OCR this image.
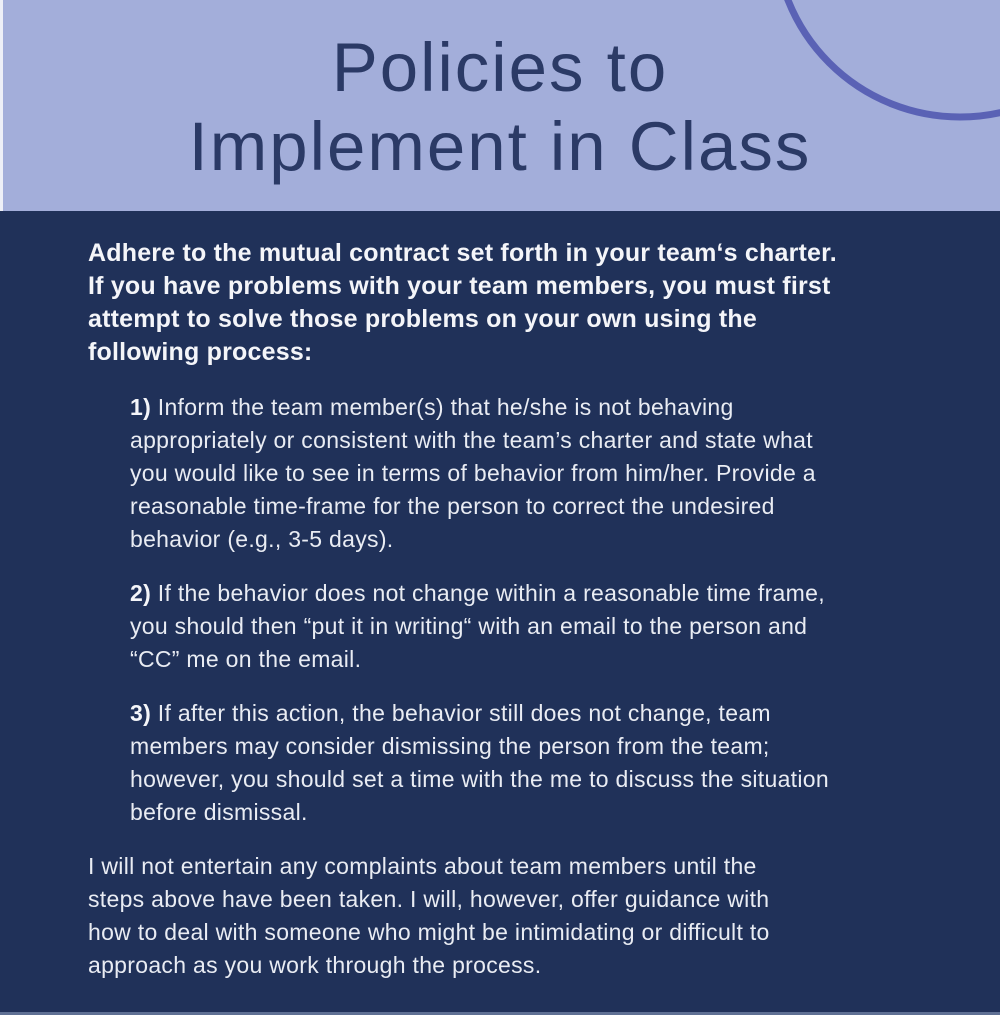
Policies to
Implement in Class
Adhere to the mutual contract set forth in your team‘s charter.
If you have problems with your team members, you must first
attempt to solve those problems on your own using the
following process:
1) Inform the team member(s) that he/she is not behaving
appropriately or consistent with the team’s charter and state what
you would like to see in terms of behavior from him/her. Provide a
reasonable time-frame for the person to correct the undesired
behavior (e.g., 3-5 days).
2) If the behavior does not change within a reasonable time frame,
you should then “put it in writing“ with an email to the person and
“CC” me on the email.
3) If after this action, the behavior still does not change, team
members may consider dismissing the person from the team;
however, you should set a time with the me to discuss the situation
before dismissal.
I will not entertain any complaints about team members until the
steps above have been taken. I will, however, offer guidance with
how to deal with someone who might be intimidating or difficult to
approach as you work through the process.
